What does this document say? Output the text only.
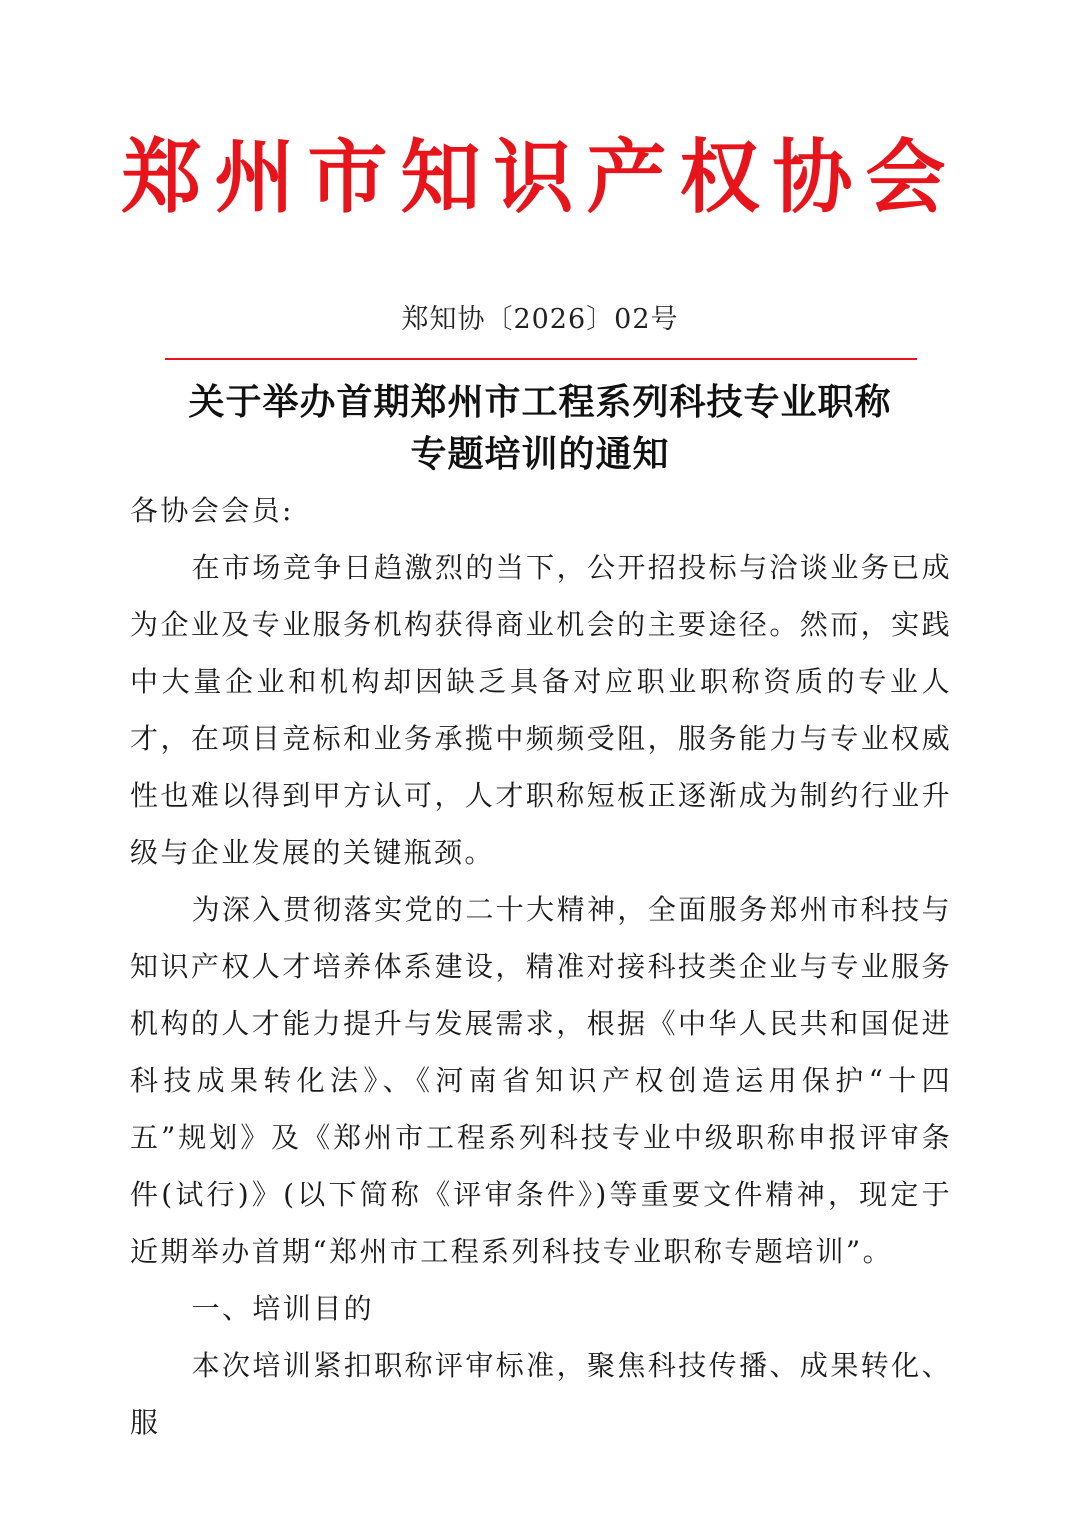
郑州市知识产权协会
郑知协〔2026〕02号
关于举办首期郑州市工程系列科技专业职称
专题培训的通知

各协会会员:

在市场竞争日趋激烈的当下，公开招投标与洽谈业务已成为企业及专业服务机构获得商业机会的主要途径。然而，实践中大量企业和机构却因缺乏具备对应职业职称资质的专业人才，在项目竞标和业务承揽中频频受阻，服务能力与专业权威性也难以得到甲方认可，人才职称短板正逐渐成为制约行业升级与企业发展的关键瓶颈。

为深入贯彻落实党的二十大精神，全面服务郑州市科技与知识产权人才培养体系建设，精准对接科技类企业与专业服务机构的人才能力提升与发展需求，根据《中华人民共和国促进科技成果转化法》、《河南省知识产权创造运用保护“十四五”规划》及《郑州市工程系列科技专业中级职称申报评审条件(试行)》(以下简称《评审条件》)等重要文件精神，现定于近期举办首期“郑州市工程系列科技专业职称专题培训”。

一、培训目的

本次培训紧扣职称评审标准，聚焦科技传播、成果转化、服
